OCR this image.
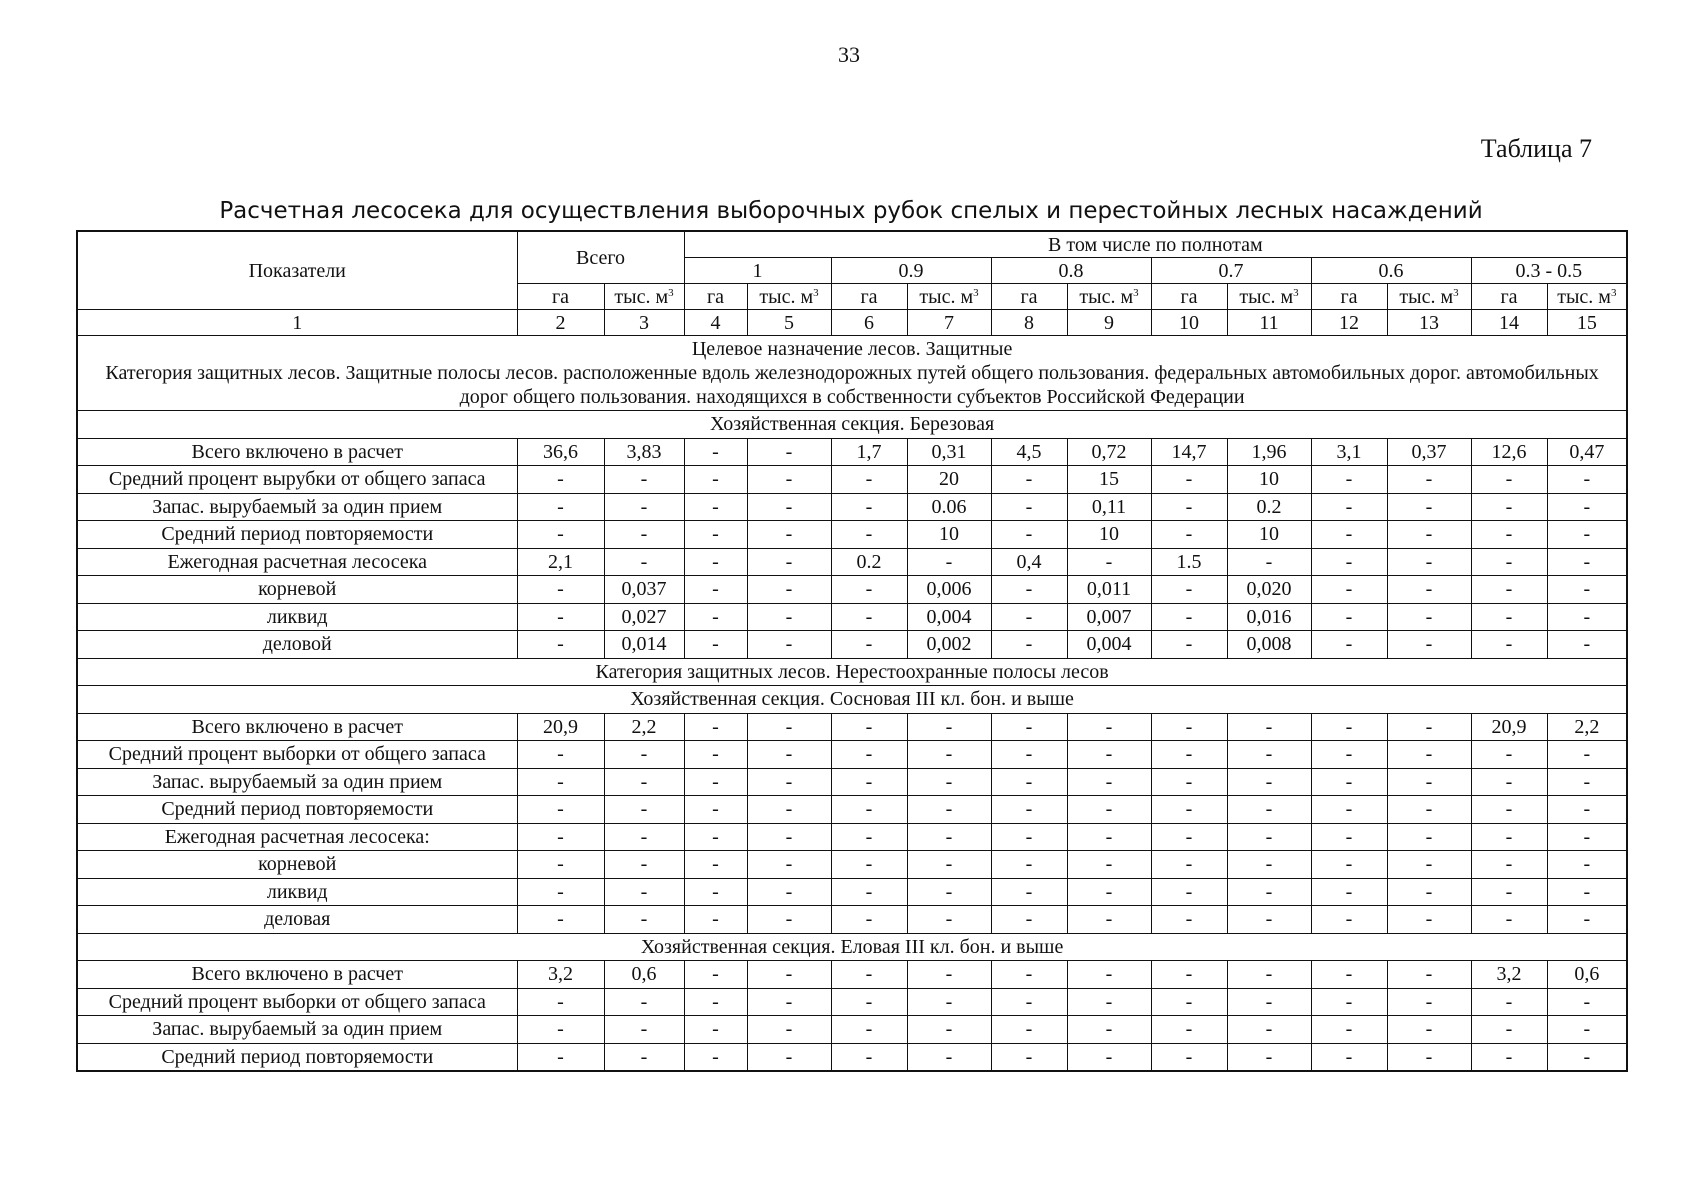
33
Таблица 7
Расчетная лесосека для осуществления выборочных рубок спелых и перестойных лесных насаждений
Показатели	Всего		В том числе по полнотам											
			1		0.9		0.8		0.7		0.6		0.3 - 0.5	
	га	тыс. $м^3$	га	тыс. $м^3$	га	тыс. $м^3$	га	тыс. $м^3$	га	тыс. $м^3$	га	тыс. $м^3$	га	тыс. $м^3$
1	2	3	4	5	6	7	8	9	10	11	12	13	14	15

Целевое назначение лесов. Защитные
Категория защитных лесов. Защитные полосы лесов. расположенные вдоль железнодорожных путей общего пользования. федеральных автомобильных дорог. автомобильных дорог общего пользования. находящихся в собственности субъектов Российской Федерации														

Хозяйственная секция. Березовая														
Всего включено в расчет	36,6	3,83	-	-	1,7	0,31	4,5	0,72	14,7	1,96	3,1	0,37	12,6	0,47
Средний процент вырубки от общего запаса	-	-	-	-	-	20	-	15	-	10	-	-	-	-
Запас. вырубаемый за один прием	-	-	-	-	-	0.06	-	0,11	-	0.2	-	-	-	-
Средний период повторяемости	-	-	-	-	-	10	-	10	-	10	-	-	-	-
Ежегодная расчетная лесосека	2,1	-	-	-	0.2	-	0,4	-	1.5	-	-	-	-	-
корневой	-	0,037	-	-	-	0,006	-	0,011	-	0,020	-	-	-	-
ликвид	-	0,027	-	-	-	0,004	-	0,007	-	0,016	-	-	-	-
деловой	-	0,014	-	-	-	0,002	-	0,004	-	0,008	-	-	-	-
Категория защитных лесов. Нерестоохранные полосы лесов														
Хозяйственная секция. Сосновая III кл. бон. и выше														
Всего включено в расчет	20,9	2,2	-	-	-	-	-	-	-	-	-	-	20,9	2,2
Средний процент выборки от общего запаса	-	-	-	-	-	-	-	-	-	-	-	-	-	-
Запас. вырубаемый за один прием	-	-	-	-	-	-	-	-	-	-	-	-	-	-
Средний период повторяемости	-	-	-	-	-	-	-	-	-	-	-	-	-	-
Ежегодная расчетная лесосека:	-	-	-	-	-	-	-	-	-	-	-	-	-	-
корневой	-	-	-	-	-	-	-	-	-	-	-	-	-	-
ликвид	-	-	-	-	-	-	-	-	-	-	-	-	-	-
деловая	-	-	-	-	-	-	-	-	-	-	-	-	-	-
Хозяйственная секция. Еловая III кл. бон. и выше														
Всего включено в расчет	3,2	0,6	-	-	-	-	-	-	-	-	-	-	3,2	0,6
Средний процент выборки от общего запаса	-	-	-	-	-	-	-	-	-	-	-	-	-	-
Запас. вырубаемый за один прием	-	-	-	-	-	-	-	-	-	-	-	-	-	-
Средний период повторяемости	-	-	-	-	-	-	-	-	-	-	-	-	-	-
